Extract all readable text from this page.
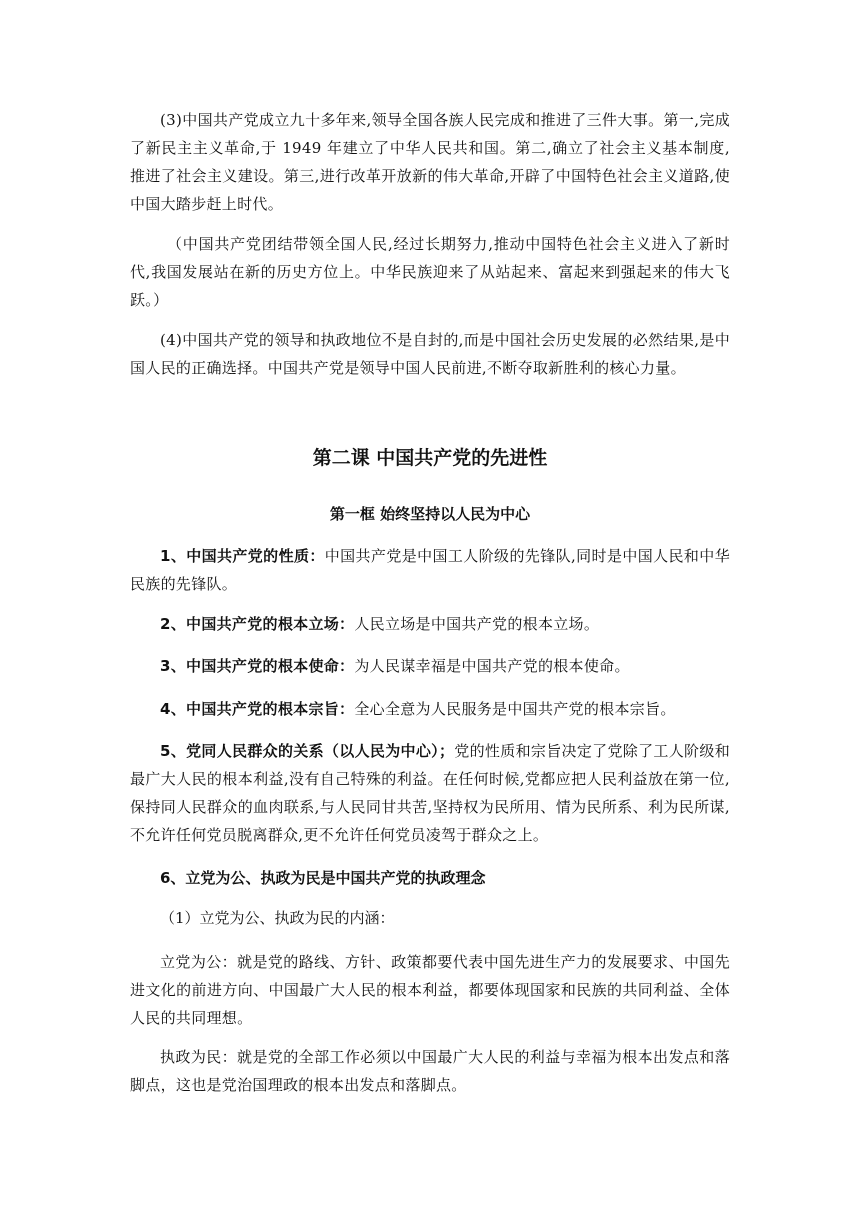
(3)中国共产党成立九十多年来,领导全国各族人民完成和推进了三件大事。第一,完成了新民主主义革命,于 1949 年建立了中华人民共和国。第二,确立了社会主义基本制度,推进了社会主义建设。第三,进行改革开放新的伟大革命,开辟了中国特色社会主义道路,使中国大踏步赶上时代。

（中国共产党团结带领全国人民,经过长期努力,推动中国特色社会主义进入了新时代,我国发展站在新的历史方位上。中华民族迎来了从站起来、富起来到强起来的伟大飞跃。）

(4)中国共产党的领导和执政地位不是自封的,而是中国社会历史发展的必然结果,是中国人民的正确选择。中国共产党是领导中国人民前进,不断夺取新胜利的核心力量。

第二课 中国共产党的先进性
第一框 始终坚持以人民为中心

1、中国共产党的性质：中国共产党是中国工人阶级的先锋队,同时是中国人民和中华民族的先锋队。

2、中国共产党的根本立场：人民立场是中国共产党的根本立场。

3、中国共产党的根本使命：为人民谋幸福是中国共产党的根本使命。

4、中国共产党的根本宗旨：全心全意为人民服务是中国共产党的根本宗旨。

5、党同人民群众的关系（以人民为中心）；党的性质和宗旨决定了党除了工人阶级和最广大人民的根本利益,没有自己特殊的利益。在任何时候,党都应把人民利益放在第一位,保持同人民群众的血肉联系,与人民同甘共苦,坚持权为民所用、情为民所系、利为民所谋,不允许任何党员脱离群众,更不允许任何党员凌驾于群众之上。

6、立党为公、执政为民是中国共产党的执政理念

（1）立党为公、执政为民的内涵：

立党为公：就是党的路线、方针、政策都要代表中国先进生产力的发展要求、中国先进文化的前进方向、中国最广大人民的根本利益，都要体现国家和民族的共同利益、全体人民的共同理想。

执政为民：就是党的全部工作必须以中国最广大人民的利益与幸福为根本出发点和落脚点，这也是党治国理政的根本出发点和落脚点。
